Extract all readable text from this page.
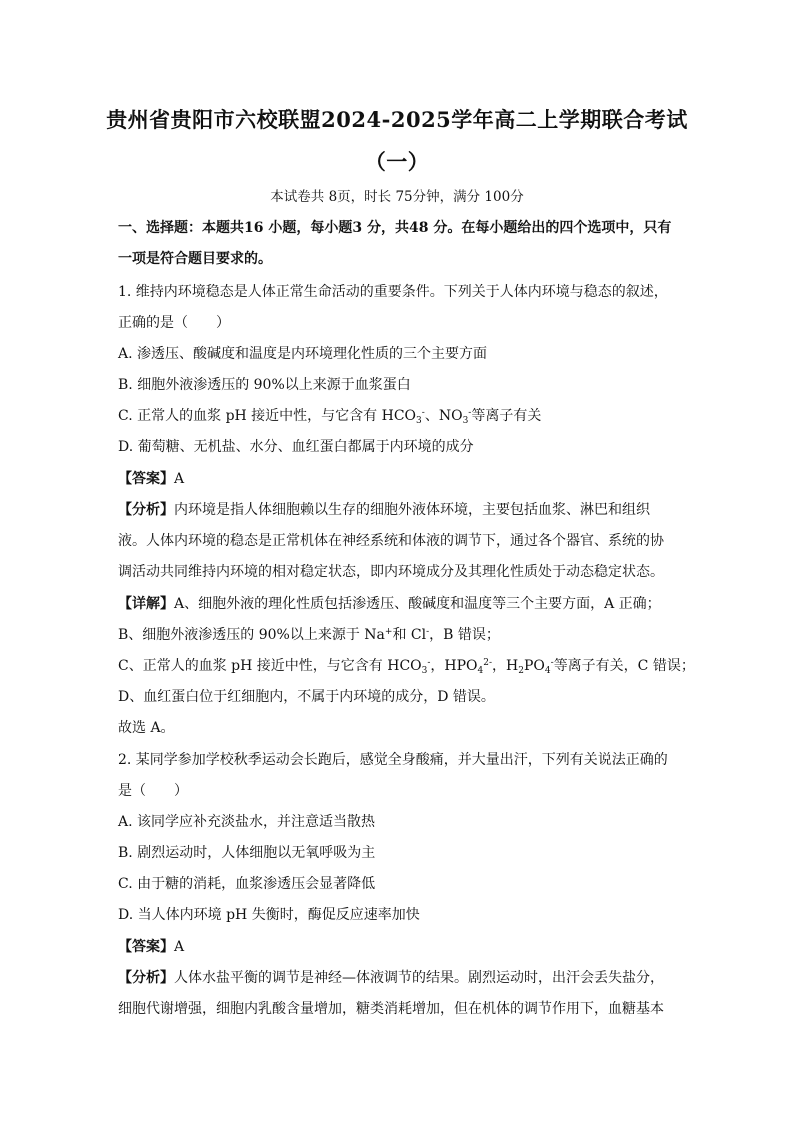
贵州省贵阳市六校联盟2024-2025学年高二上学期联合考试
（一）
本试卷共 8页，时长 75分钟，满分 100分
一、选择题：本题共16 小题，每小题3 分，共48 分。在每小题给出的四个选项中，只有
一项是符合题目要求的。
1. 维持内环境稳态是人体正常生命活动的重要条件。下列关于人体内环境与稳态的叙述，
正确的是（　　）
A. 渗透压、酸碱度和温度是内环境理化性质的三个主要方面
B. 细胞外液渗透压的 90%以上来源于血浆蛋白
C. 正常人的血浆 pH 接近中性，与它含有 $HCO_3^-$、$NO_3^-$等离子有关
D. 葡萄糖、无机盐、水分、血红蛋白都属于内环境的成分
【答案】A
【分析】内环境是指人体细胞赖以生存的细胞外液体环境，主要包括血浆、淋巴和组织
液。人体内环境的稳态是正常机体在神经系统和体液的调节下，通过各个器官、系统的协
调活动共同维持内环境的相对稳定状态，即内环境成分及其理化性质处于动态稳定状态。
【详解】A、细胞外液的理化性质包括渗透压、酸碱度和温度等三个主要方面，A 正确；
B、细胞外液渗透压的 90%以上来源于 Na+和 Cl-，B 错误；
C、正常人的血浆 pH 接近中性，与它含有 $HCO_3^-$，$HPO_4^{2-}$，$H_2PO_4^-$等离子有关，C 错误；
D、血红蛋白位于红细胞内，不属于内环境的成分，D 错误。
故选 A。
2. 某同学参加学校秋季运动会长跑后，感觉全身酸痛，并大量出汗，下列有关说法正确的
是（　　）
A. 该同学应补充淡盐水，并注意适当散热
B. 剧烈运动时，人体细胞以无氧呼吸为主
C. 由于糖的消耗，血浆渗透压会显著降低
D. 当人体内环境 pH 失衡时，酶促反应速率加快
【答案】A
【分析】人体水盐平衡的调节是神经—体液调节的结果。剧烈运动时，出汗会丢失盐分，
细胞代谢增强，细胞内乳酸含量增加，糖类消耗增加，但在机体的调节作用下，血糖基本
